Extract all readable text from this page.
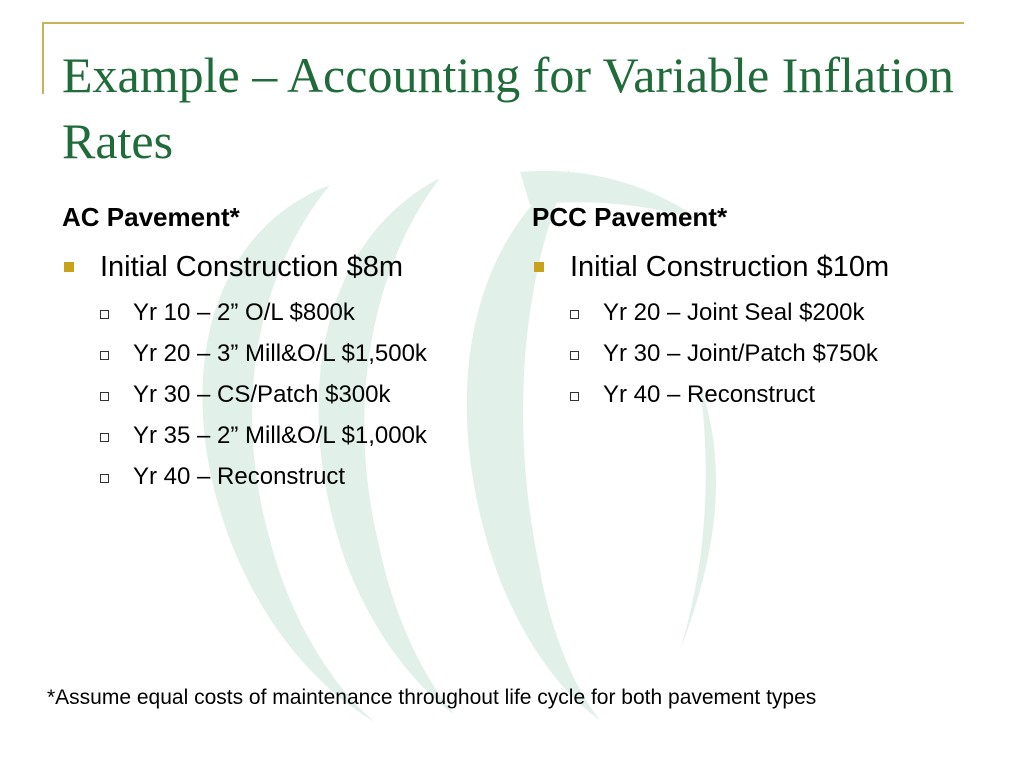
Example – Accounting for Variable Inflation Rates
AC Pavement*
Initial Construction $8m
Yr 10 – 2” O/L $800k
Yr 20 – 3” Mill&O/L $1,500k
Yr 30 – CS/Patch $300k
Yr 35 – 2” Mill&O/L $1,000k
Yr 40 – Reconstruct
PCC Pavement*
Initial Construction $10m
Yr 20 – Joint Seal $200k
Yr 30 – Joint/Patch $750k
Yr 40 – Reconstruct
*Assume equal costs of maintenance throughout life cycle for both pavement types
